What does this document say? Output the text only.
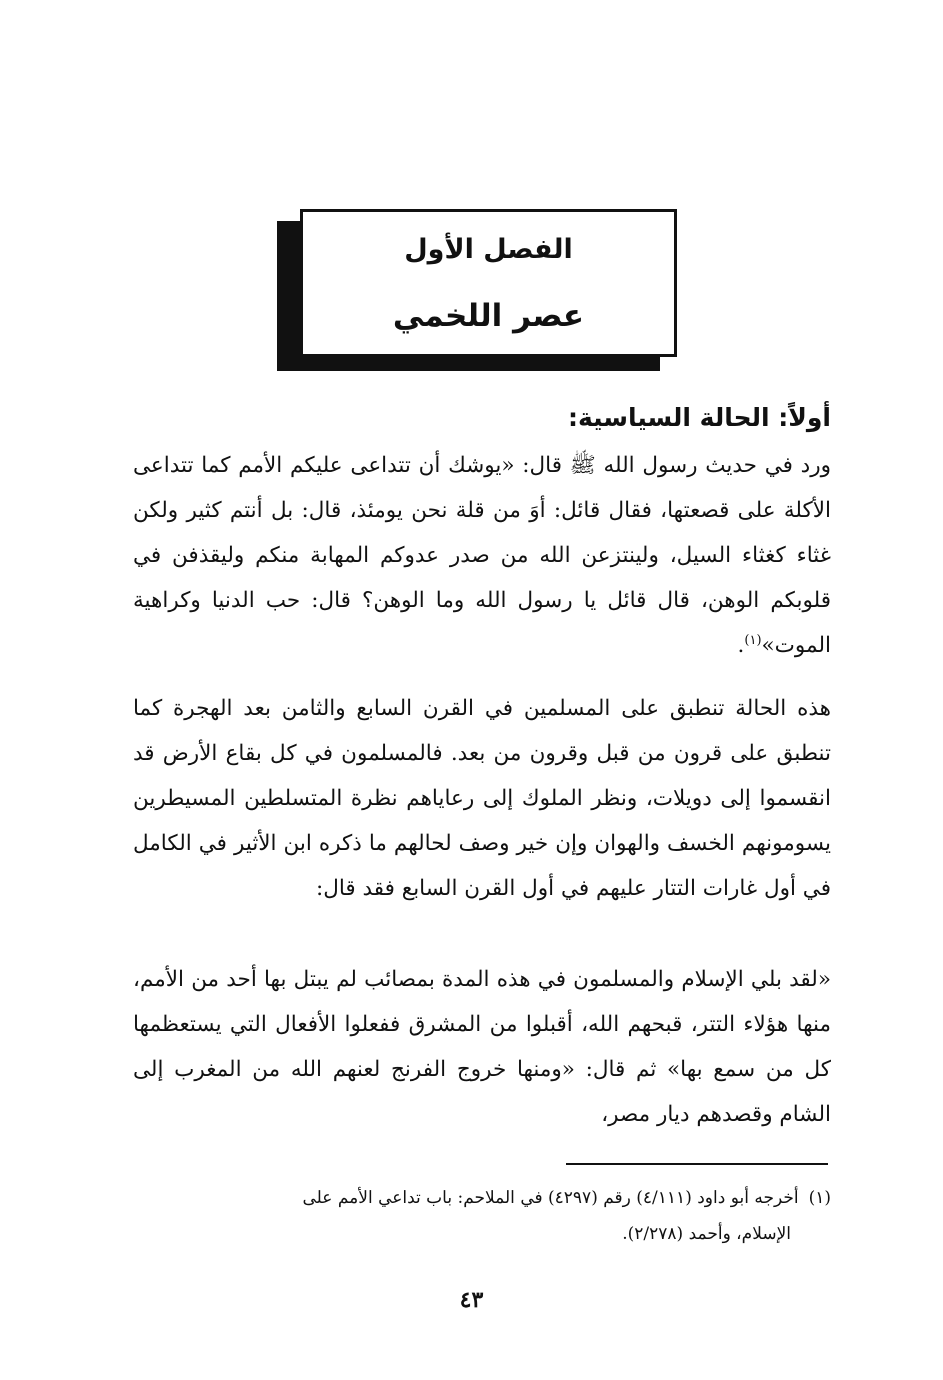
الفصل الأول
عصر اللخمي
أولاً: الحالة السياسية:

ورد في حديث رسول الله ﷺ قال: «يوشك أن تتداعى عليكم الأمم كما تتداعى الأكلة على قصعتها، فقال قائل: أوَ من قلة نحن يومئذ، قال: بل أنتم كثير ولكن غثاء كغثاء السيل، ولينتزعن الله من صدر عدوكم المهابة منكم وليقذفن في قلوبكم الوهن، قال قائل يا رسول الله وما الوهن؟ قال: حب الدنيا وكراهية الموت»$^{(١)}$.

هذه الحالة تنطبق على المسلمين في القرن السابع والثامن بعد الهجرة كما تنطبق على قرون من قبل وقرون من بعد. فالمسلمون في كل بقاع الأرض قد انقسموا إلى دويلات، ونظر الملوك إلى رعاياهم نظرة المتسلطين المسيطرين يسومونهم الخسف والهوان وإن خير وصف لحالهم ما ذكره ابن الأثير في الكامل في أول غارات التتار عليهم في أول القرن السابع فقد قال:

«لقد بلي الإسلام والمسلمون في هذه المدة بمصائب لم يبتل بها أحد من الأمم، منها هؤلاء التتر، قبحهم الله، أقبلوا من المشرق ففعلوا الأفعال التي يستعظمها كل من سمع بها» ثم قال: «ومنها خروج الفرنج لعنهم الله من المغرب إلى الشام وقصدهم ديار مصر،

(١)أخرجه أبو داود (٤/١١١) رقم (٤٢٩٧) في الملاحم: باب تداعي الأمم على
الإسلام، وأحمد (٢/٢٧٨).
٤٣
